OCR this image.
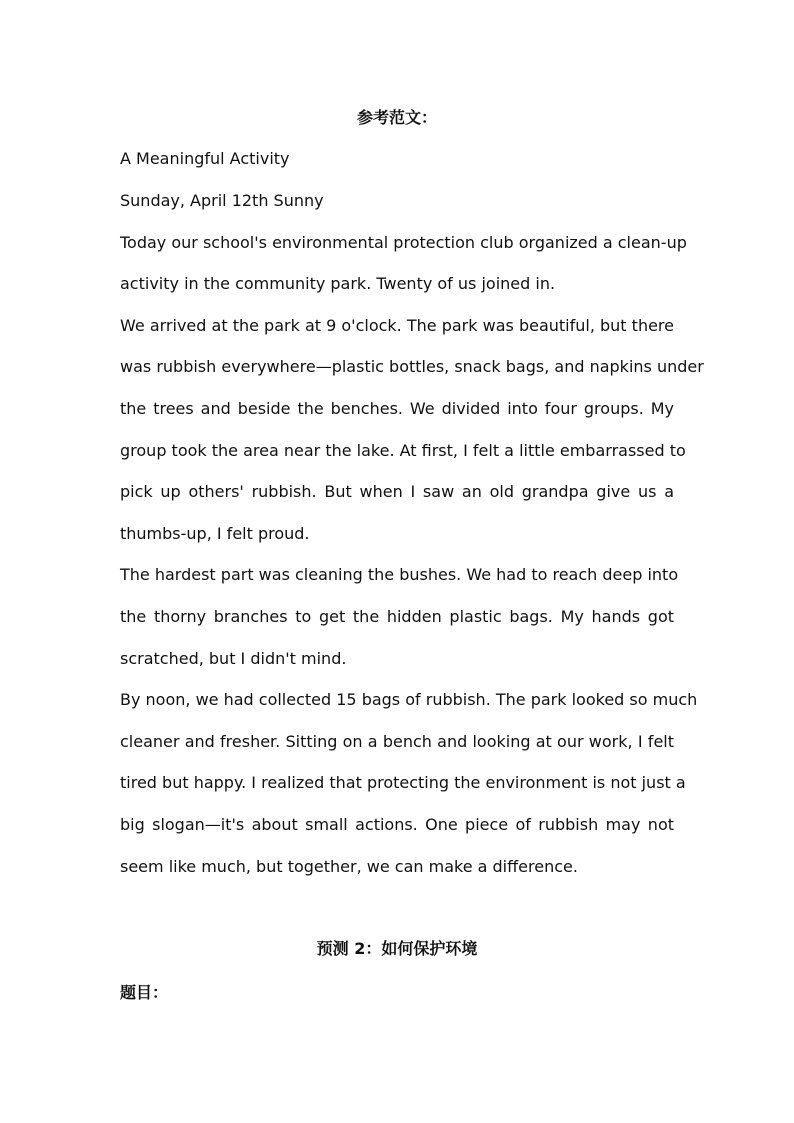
参考范文：
A Meaningful Activity
Sunday, April 12th Sunny
Today our school's environmental protection club organized a clean-up
activity in the community park. Twenty of us joined in.
We arrived at the park at 9 o'clock. The park was beautiful, but there
was rubbish everywhere—plastic bottles, snack bags, and napkins under
the trees and beside the benches. We divided into four groups. My
group took the area near the lake. At first, I felt a little embarrassed to
pick up others' rubbish. But when I saw an old grandpa give us a
thumbs-up, I felt proud.
The hardest part was cleaning the bushes. We had to reach deep into
the thorny branches to get the hidden plastic bags. My hands got
scratched, but I didn't mind.
By noon, we had collected 15 bags of rubbish. The park looked so much
cleaner and fresher. Sitting on a bench and looking at our work, I felt
tired but happy. I realized that protecting the environment is not just a
big slogan—it's about small actions. One piece of rubbish may not
seem like much, but together, we can make a difference.
预测 2：如何保护环境
题目：
